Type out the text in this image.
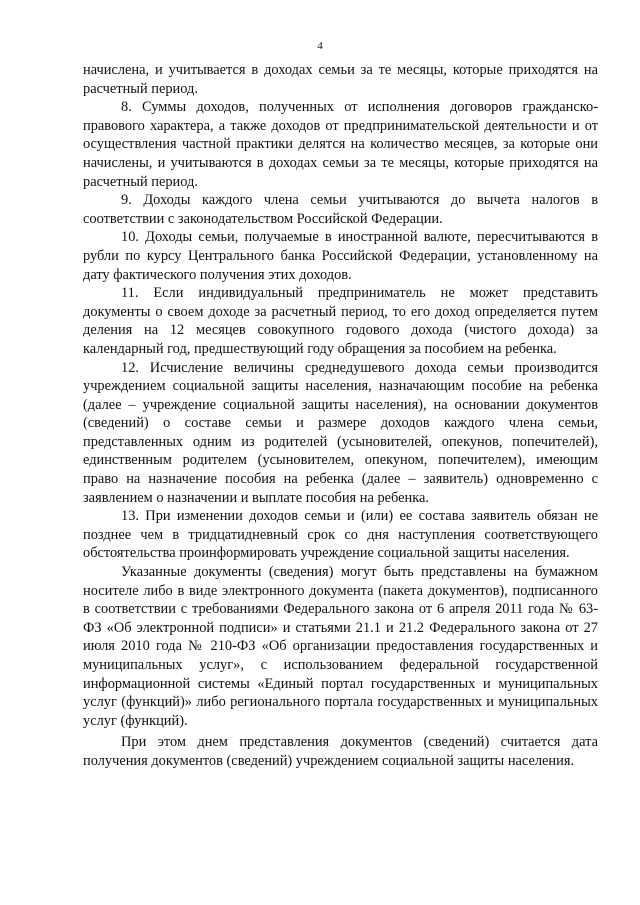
4

начислена, и учитывается в доходах семьи за те месяцы, которые приходятся на расчетный период.

8. Суммы доходов, полученных от исполнения договоров гражданско-правового характера, а также доходов от предпринимательской деятельности и от осуществления частной практики делятся на количество месяцев, за которые они начислены, и учитываются в доходах семьи за те месяцы, которые приходятся на расчетный период.

9. Доходы каждого члена семьи учитываются до вычета налогов в соответствии с законодательством Российской Федерации.

10. Доходы семьи, получаемые в иностранной валюте, пересчитываются в рубли по курсу Центрального банка Российской Федерации, установленному на дату фактического получения этих доходов.

11. Если индивидуальный предприниматель не может представить документы о своем доходе за расчетный период, то его доход определяется путем деления на 12 месяцев совокупного годового дохода (чистого дохода) за календарный год, предшествующий году обращения за пособием на ребенка.

12. Исчисление величины среднедушевого дохода семьи производится учреждением социальной защиты населения, назначающим пособие на ребенка (далее – учреждение социальной защиты населения), на основании документов (сведений) о составе семьи и размере доходов каждого члена семьи, представленных одним из родителей (усыновителей, опекунов, попечителей), единственным родителем (усыновителем, опекуном, попечителем), имеющим право на назначение пособия на ребенка (далее – заявитель) одновременно с заявлением о назначении и выплате пособия на ребенка.

13. При изменении доходов семьи и (или) ее состава заявитель обязан не позднее чем в тридцатидневный срок со дня наступления соответствующего обстоятельства проинформировать учреждение социальной защиты населения.

Указанные документы (сведения) могут быть представлены на бумажном носителе либо в виде электронного документа (пакета документов), подписанного в соответствии с требованиями Федерального закона от 6 апреля 2011 года № 63-ФЗ «Об электронной подписи» и статьями 21.1 и 21.2 Федерального закона от 27 июля 2010 года № 210-ФЗ «Об организации предоставления государственных и муниципальных услуг», с использованием федеральной государственной информационной системы «Единый портал государственных и муниципальных услуг (функций)» либо регионального портала государственных и муниципальных услуг (функций).

При этом днем представления документов (сведений) считается дата получения документов (сведений) учреждением социальной защиты населения.
